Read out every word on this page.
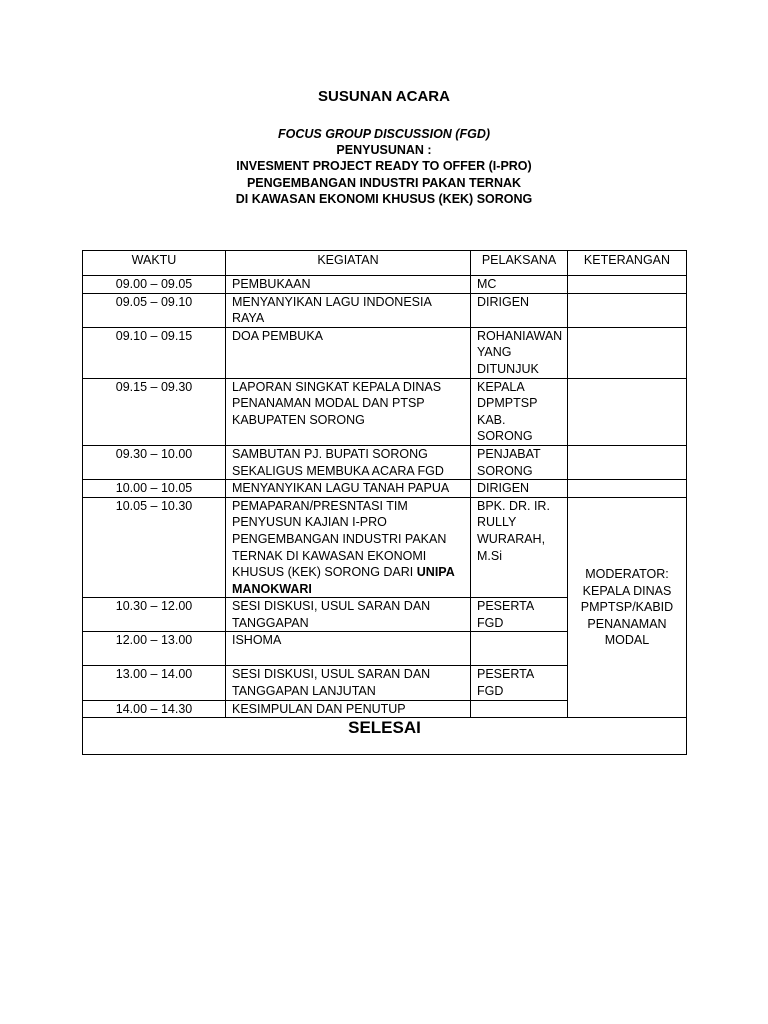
SUSUNAN ACARA
FOCUS GROUP DISCUSSION (FGD)
PENYUSUNAN :
INVESMENT PROJECT READY TO OFFER (I-PRO)
PENGEMBANGAN INDUSTRI PAKAN TERNAK
DI KAWASAN EKONOMI KHUSUS (KEK) SORONG
WAKTU	KEGIATAN	PELAKSANA	KETERANGAN
09.00 – 09.05	PEMBUKAAN	MC	
09.05 – 09.10	MENYANYIKAN LAGU INDONESIA RAYA	DIRIGEN	
09.10 – 09.15	DOA PEMBUKA	ROHANIAWAN YANG DITUNJUK	
09.15 – 09.30	LAPORAN SINGKAT KEPALA DINAS PENANAMAN MODAL DAN PTSP KABUPATEN SORONG	KEPALA DPMPTSP KAB. SORONG	
09.30 – 10.00	SAMBUTAN PJ. BUPATI SORONG SEKALIGUS MEMBUKA ACARA FGD	PENJABAT SORONG	
10.00 – 10.05	MENYANYIKAN LAGU TANAH PAPUA	DIRIGEN	
10.05 – 10.30	PEMAPARAN/PRESNTASI TIM PENYUSUN KAJIAN I-PRO PENGEMBANGAN INDUSTRI PAKAN TERNAK DI KAWASAN EKONOMI KHUSUS (KEK) SORONG DARI UNIPA MANOKWARI	BPK. DR. IR. RULLY WURARAH, M.Si	MODERATOR: KEPALA DINAS PMPTSP/KABID PENANAMAN MODAL
10.30 – 12.00	SESI DISKUSI, USUL SARAN DAN TANGGAPAN	PESERTA FGD	
12.00 – 13.00	ISHOMA		
13.00 – 14.00	SESI DISKUSI, USUL SARAN DAN TANGGAPAN LANJUTAN	PESERTA FGD	
14.00 – 14.30	KESIMPULAN DAN PENUTUP		
SELESAI			
